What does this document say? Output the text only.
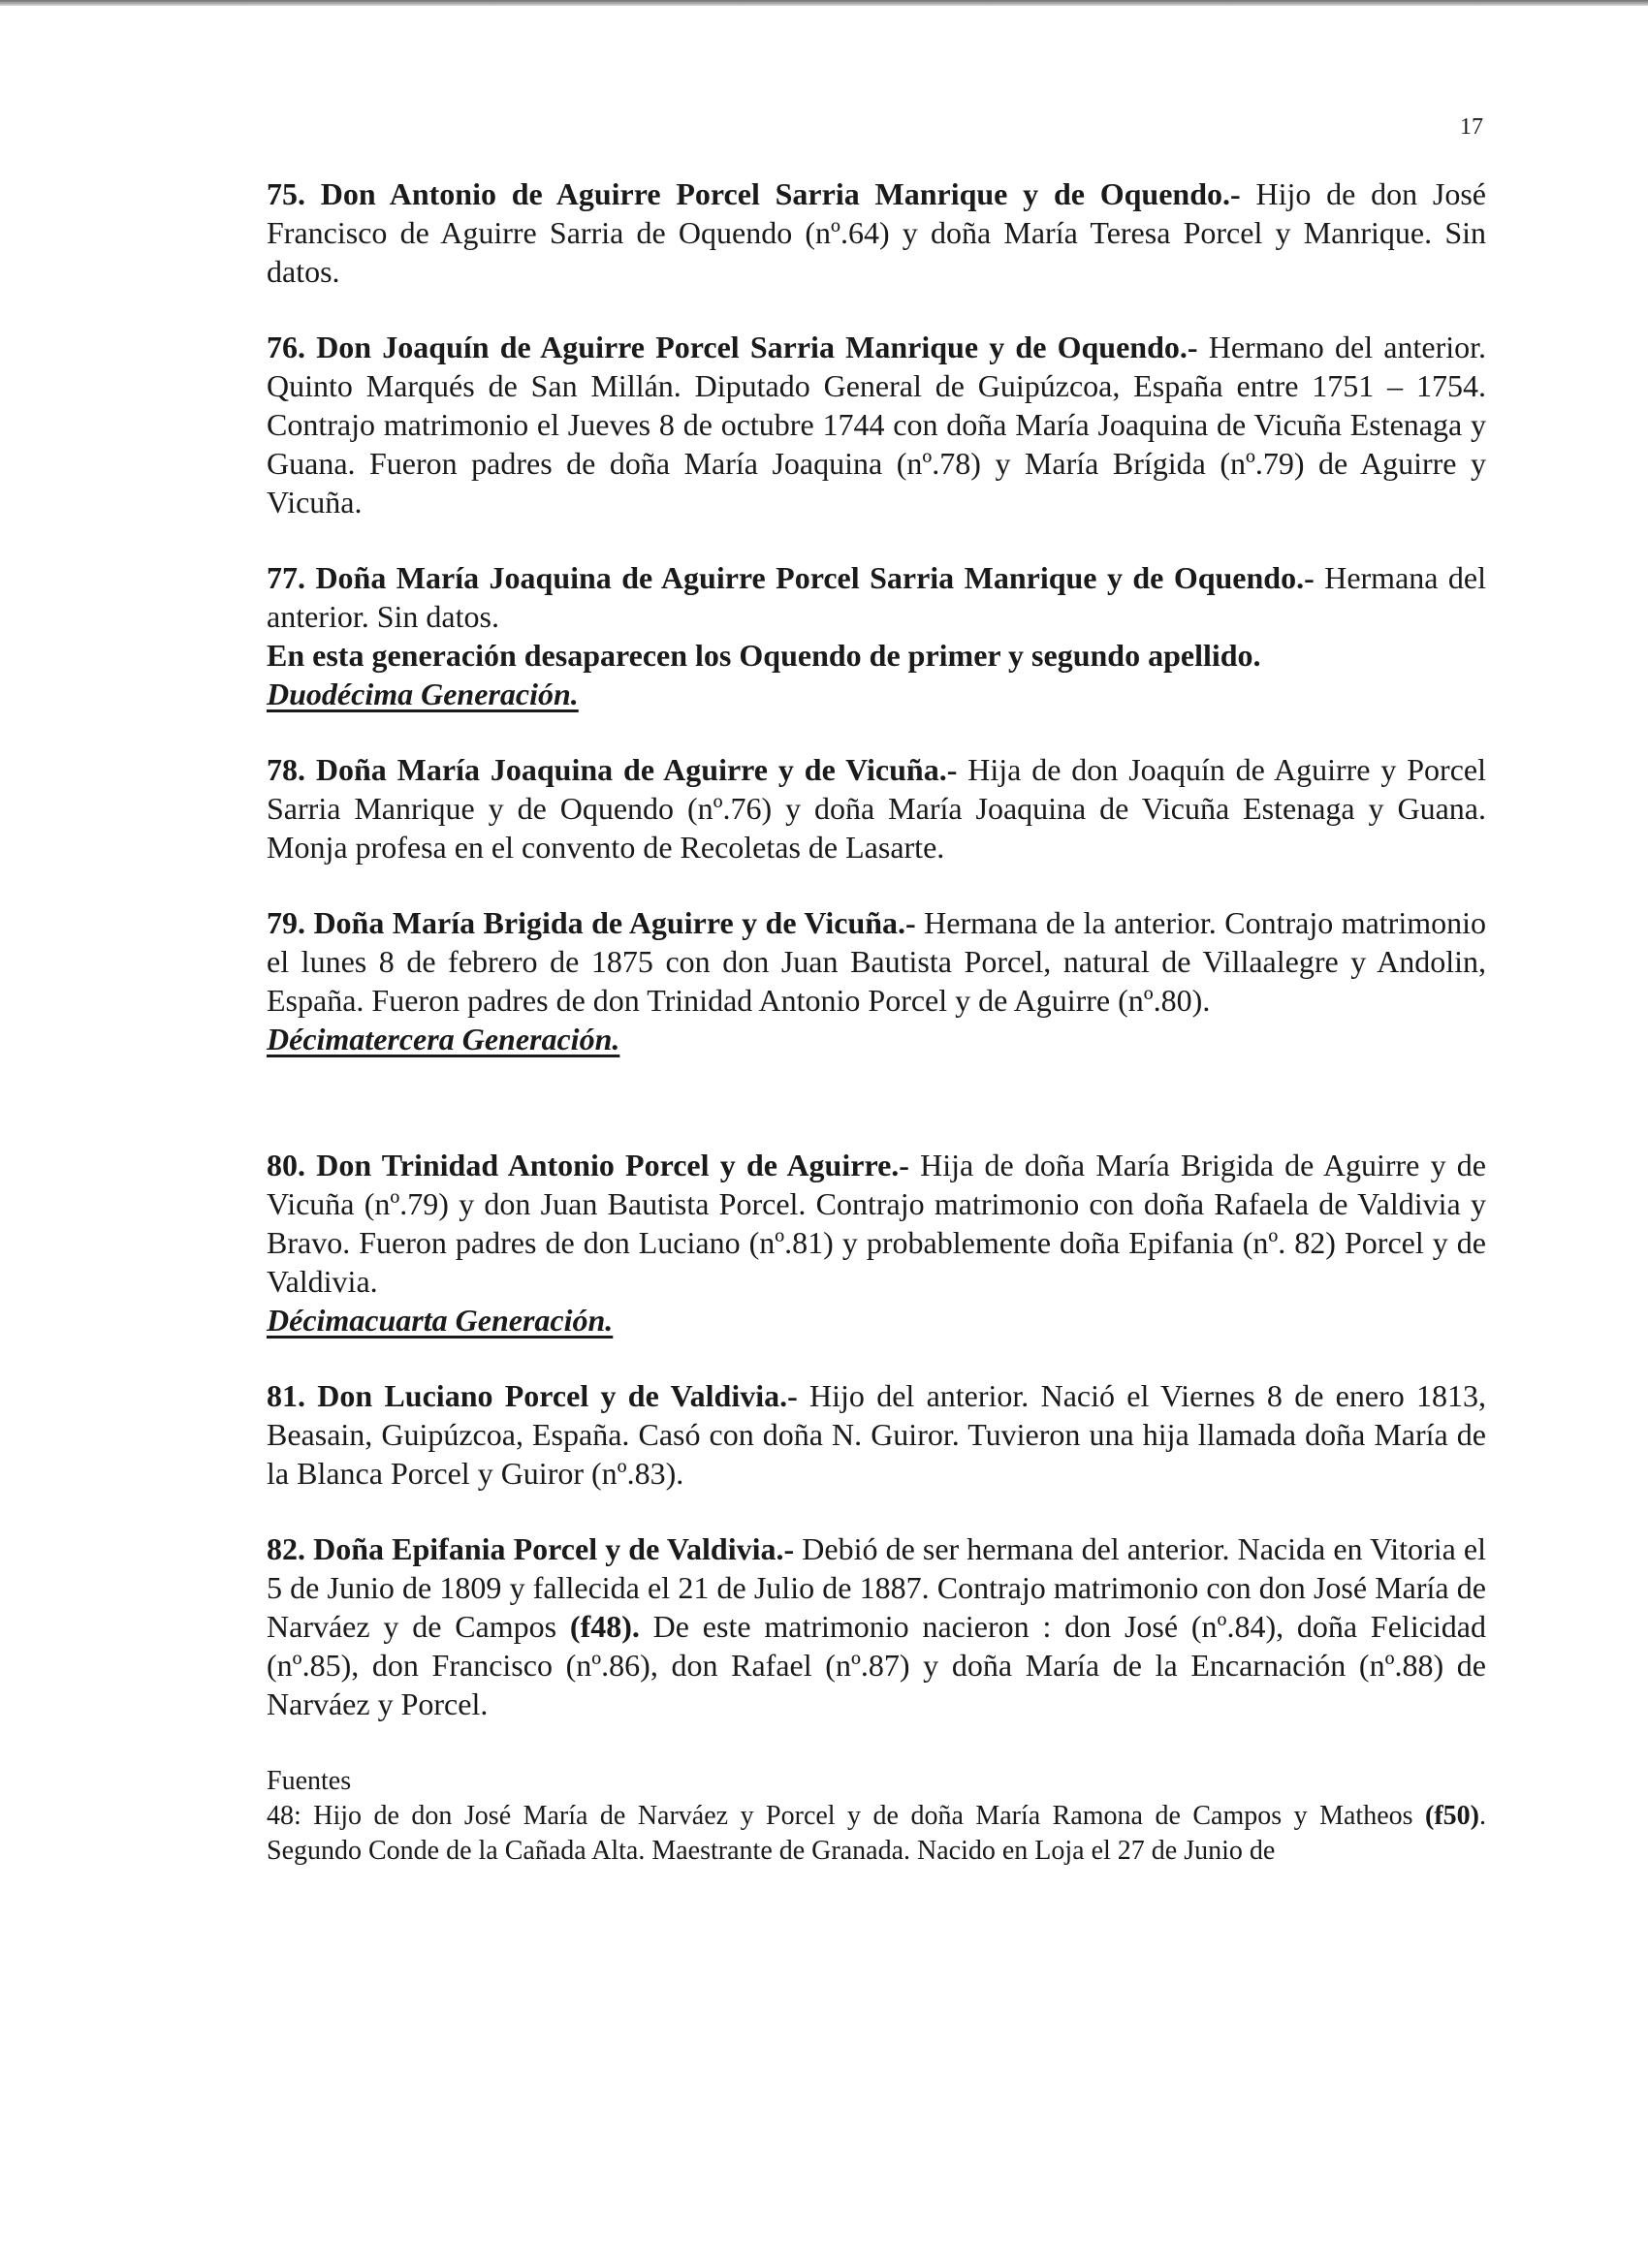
17

75. Don Antonio de Aguirre Porcel Sarria Manrique y de Oquendo.- Hijo de don José Francisco de Aguirre Sarria de Oquendo (nº.64) y doña María Teresa Porcel y Manrique. Sin datos.

76. Don Joaquín de Aguirre Porcel Sarria Manrique y de Oquendo.- Hermano del anterior. Quinto Marqués de San Millán. Diputado General de Guipúzcoa, España entre 1751 – 1754. Contrajo matrimonio el Jueves 8 de octubre 1744 con doña María Joaquina de Vicuña Estenaga y Guana. Fueron padres de doña María Joaquina (nº.78) y María Brígida (nº.79) de Aguirre y Vicuña.

77. Doña María Joaquina de Aguirre Porcel Sarria Manrique y de Oquendo.- Hermana del anterior. Sin datos.

En esta generación desaparecen los Oquendo de primer y segundo apellido.

Duodécima Generación.

78. Doña María Joaquina de Aguirre y de Vicuña.- Hija de don Joaquín de Aguirre y Porcel Sarria Manrique y de Oquendo (nº.76) y doña María Joaquina de Vicuña Estenaga y Guana. Monja profesa en el convento de Recoletas de Lasarte.

79. Doña María Brigida de Aguirre y de Vicuña.- Hermana de la anterior. Contrajo matrimonio el lunes 8 de febrero de 1875 con don Juan Bautista Porcel, natural de Villaalegre y Andolin, España. Fueron padres de don Trinidad Antonio Porcel y de Aguirre (nº.80).

Décimatercera Generación.

80. Don Trinidad Antonio Porcel y de Aguirre.- Hija de doña María Brigida de Aguirre y de Vicuña (nº.79) y don Juan Bautista Porcel. Contrajo matrimonio con doña Rafaela de Valdivia y Bravo. Fueron padres de don Luciano (nº.81) y probablemente doña Epifania (nº. 82) Porcel y de Valdivia.

Décimacuarta Generación.

81. Don Luciano Porcel y de Valdivia.- Hijo del anterior. Nació el Viernes 8 de enero 1813, Beasain, Guipúzcoa, España. Casó con doña N. Guiror. Tuvieron una hija llamada doña María de la Blanca Porcel y Guiror (nº.83).

82. Doña Epifania Porcel y de Valdivia.- Debió de ser hermana del anterior. Nacida en Vitoria el 5 de Junio de 1809 y fallecida el 21 de Julio de 1887. Contrajo matrimonio con don José María de Narváez y de Campos (f48). De este matrimonio nacieron : don José (nº.84), doña Felicidad (nº.85), don Francisco (nº.86), don Rafael (nº.87) y doña María de la Encarnación (nº.88) de Narváez y Porcel.

Fuentes

48: Hijo de don José María de Narváez y Porcel y de doña María Ramona de Campos y Matheos (f50). Segundo Conde de la Cañada Alta. Maestrante de Granada. Nacido en Loja el 27 de Junio de
